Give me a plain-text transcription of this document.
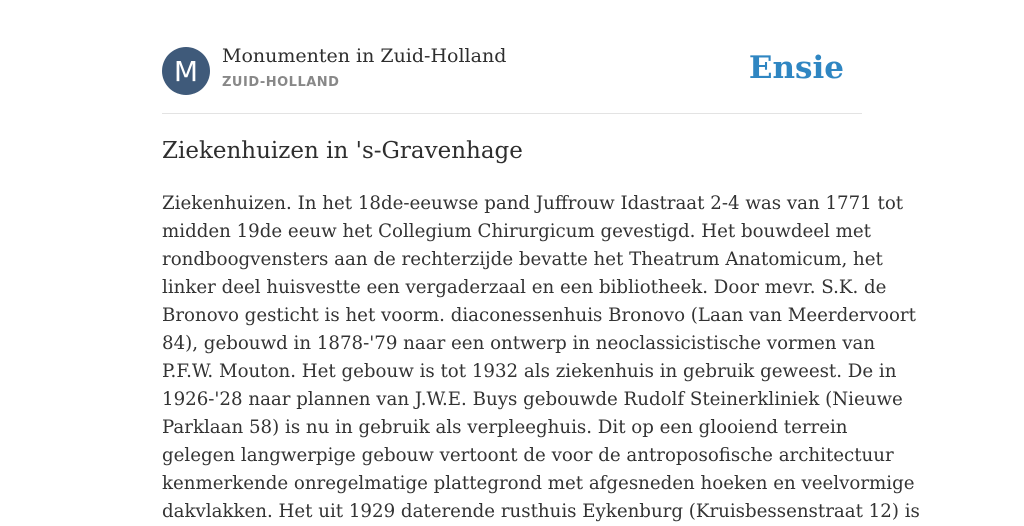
M	Monumenten in Zuid-Holland
ZUID-HOLLAND	Ensie
Ziekenhuizen in 's-Gravenhage

Ziekenhuizen. In het 18de-eeuwse pand Juffrouw Idastraat 2-4 was van 1771 tot
midden 19de eeuw het Collegium Chirurgicum gevestigd. Het bouwdeel met
rondboogvensters aan de rechterzijde bevatte het Theatrum Anatomicum, het
linker deel huisvestte een vergaderzaal en een bibliotheek. Door mevr. S.K. de
Bronovo gesticht is het voorm. diaconessenhuis Bronovo (Laan van Meerdervoort
84), gebouwd in 1878-'79 naar een ontwerp in neoclassicistische vormen van
P.F.W. Mouton. Het gebouw is tot 1932 als ziekenhuis in gebruik geweest. De in
1926-'28 naar plannen van J.W.E. Buys gebouwde Rudolf Steinerkliniek (Nieuwe
Parklaan 58) is nu in gebruik als verpleeghuis. Dit op een glooiend terrein
gelegen langwerpige gebouw vertoont de voor de antroposofische architectuur
kenmerkende onregelmatige plattegrond met afgesneden hoeken en veelvormige
dakvlakken. Het uit 1929 daterende rusthuis Eykenburg (Kruisbessenstraat 12) is
